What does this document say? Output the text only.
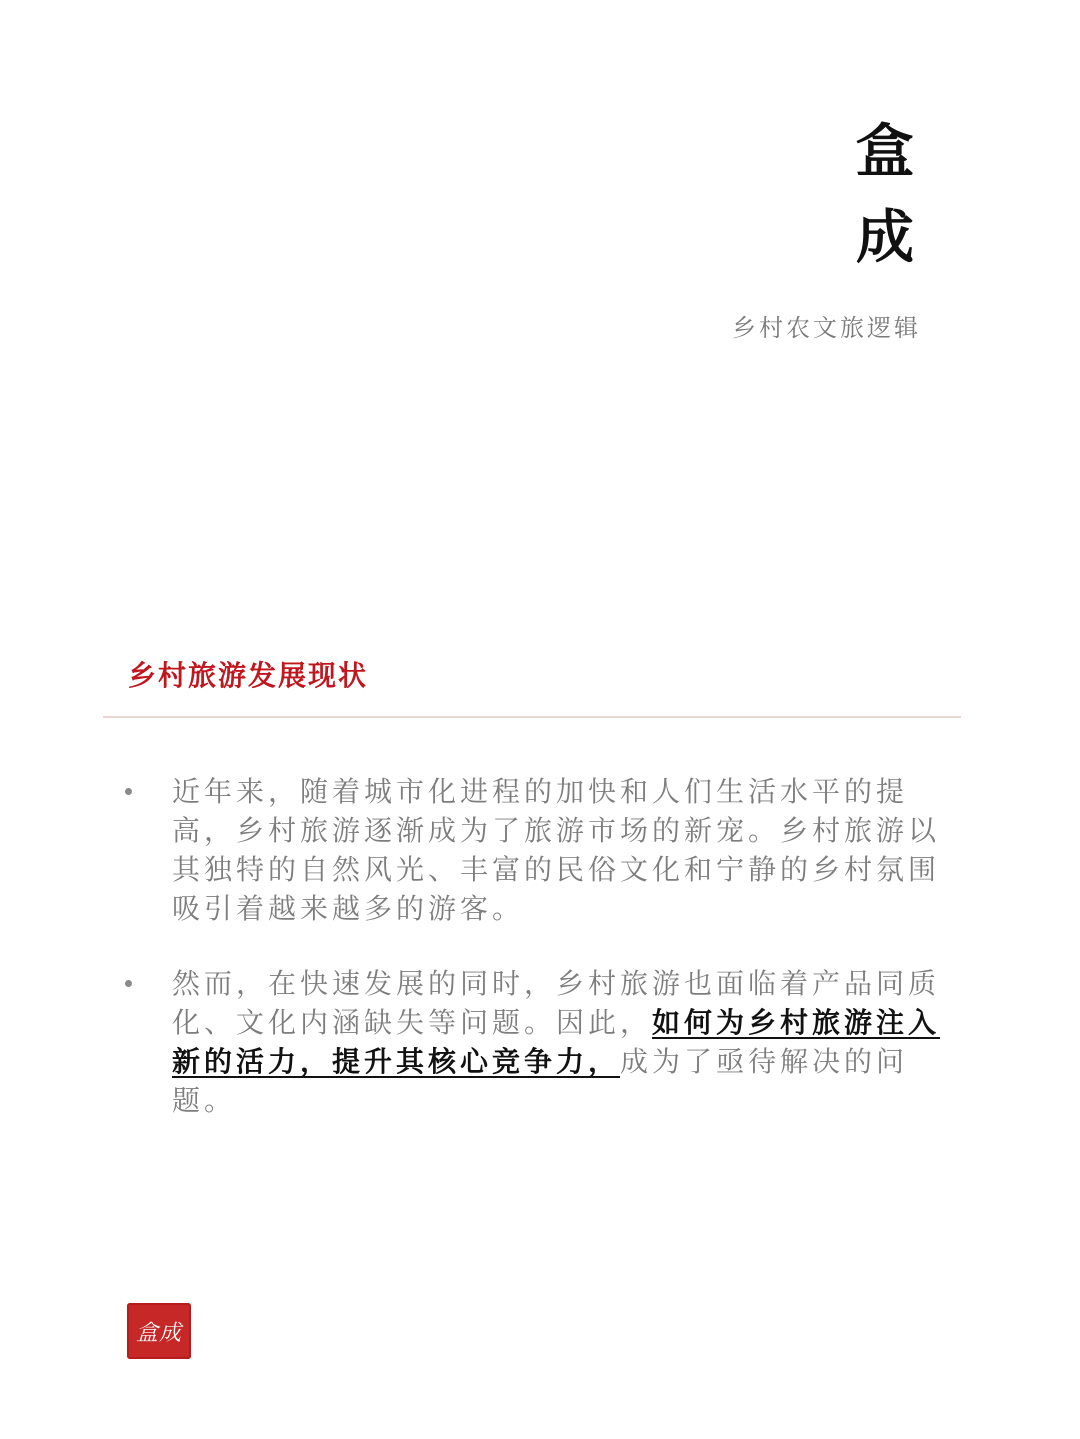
盒
成
乡村农文旅逻辑
乡村旅游发展现状
近年来，随着城市化进程的加快和人们生活水平的提高，乡村旅游逐渐成为了旅游市场的新宠。乡村旅游以其独特的自然风光、丰富的民俗文化和宁静的乡村氛围吸引着越来越多的游客。
然而，在快速发展的同时，乡村旅游也面临着产品同质化、文化内涵缺失等问题。因此，如何为乡村旅游注入新的活力，提升其核心竞争力，成为了亟待解决的问题。
盒成
